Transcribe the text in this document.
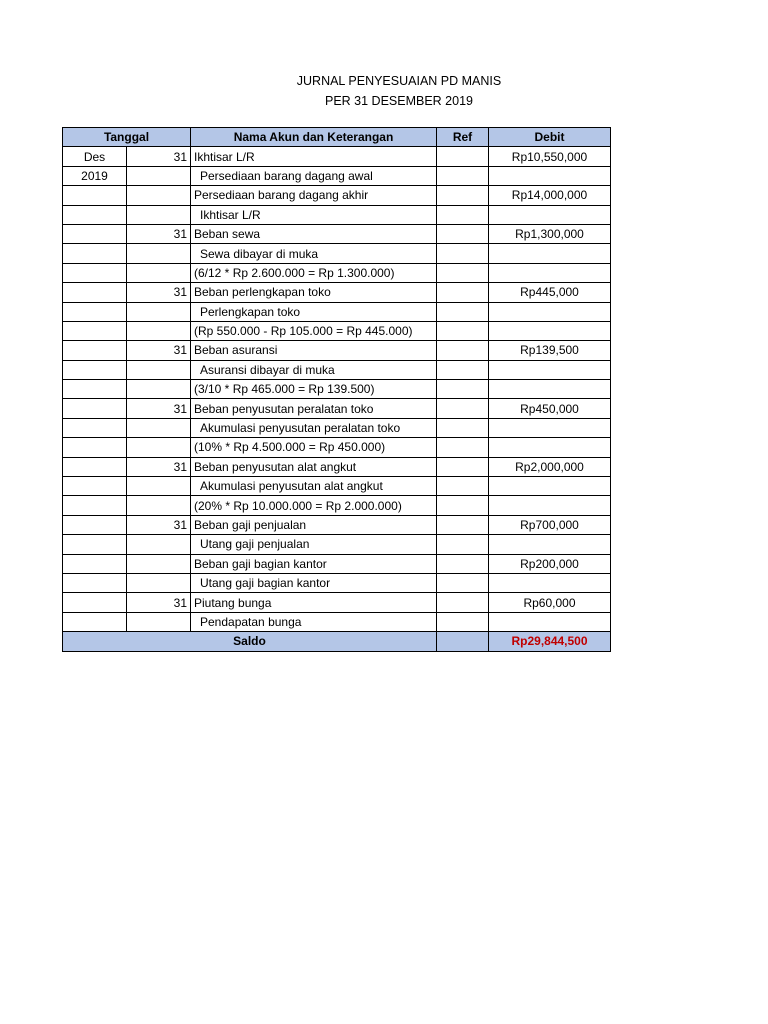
JURNAL PENYESUAIAN PD MANIS
PER 31 DESEMBER 2019
Tanggal		Nama Akun dan Keterangan	Ref	Debit
Des	31	Ikhtisar L/R		Rp10,550,000
2019		Persediaan barang dagang awal		
		Persediaan barang dagang akhir		Rp14,000,000
		Ikhtisar L/R		
	31	Beban sewa		Rp1,300,000
		Sewa dibayar di muka		
		(6/12 * Rp 2.600.000 = Rp 1.300.000)		
	31	Beban perlengkapan toko		Rp445,000
		Perlengkapan toko		
		(Rp 550.000 - Rp 105.000 = Rp 445.000)		
	31	Beban asuransi		Rp139,500
		Asuransi dibayar di muka		
		(3/10 * Rp 465.000 = Rp 139.500)		
	31	Beban penyusutan peralatan toko		Rp450,000
		Akumulasi penyusutan peralatan toko		
		(10% * Rp 4.500.000 = Rp 450.000)		
	31	Beban penyusutan alat angkut		Rp2,000,000
		Akumulasi penyusutan alat angkut		
		(20% * Rp 10.000.000 = Rp 2.000.000)		
	31	Beban gaji penjualan		Rp700,000
		Utang gaji penjualan		
		Beban gaji bagian kantor		Rp200,000
		Utang gaji bagian kantor		
	31	Piutang bunga		Rp60,000
		Pendapatan bunga		
Saldo				Rp29,844,500
